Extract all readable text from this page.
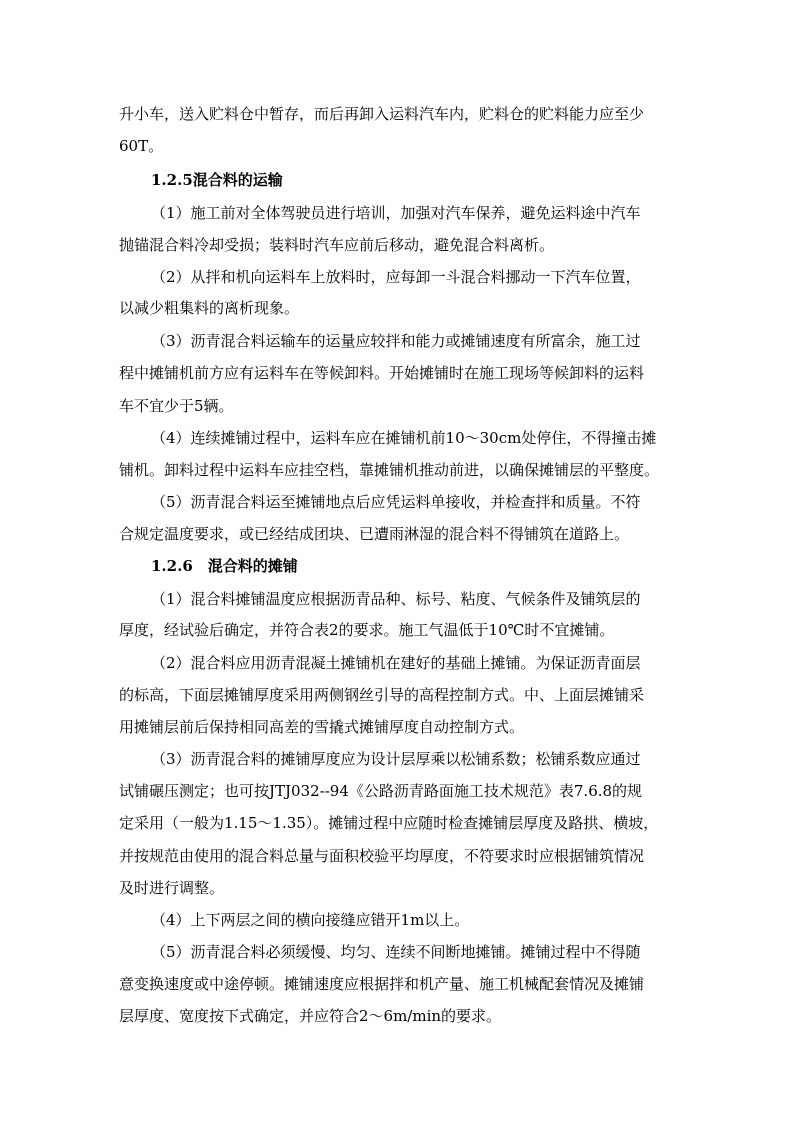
升小车，送入贮料仓中暂存，而后再卸入运料汽车内，贮料仓的贮料能力应至少
60T。
1.2.5混合料的运输
（1）施工前对全体驾驶员进行培训，加强对汽车保养，避免运料途中汽车
抛锚混合料冷却受损；装料时汽车应前后移动，避免混合料离析。
（2）从拌和机向运料车上放料时，应每卸一斗混合料挪动一下汽车位置，
以减少粗集料的离析现象。
（3）沥青混合料运输车的运量应较拌和能力或摊铺速度有所富余，施工过
程中摊铺机前方应有运料车在等候卸料。开始摊铺时在施工现场等候卸料的运料
车不宜少于5辆。
（4）连续摊铺过程中，运料车应在摊铺机前10～30cm处停住，不得撞击摊
铺机。卸料过程中运料车应挂空档，靠摊铺机推动前进，以确保摊铺层的平整度。
（5）沥青混合料运至摊铺地点后应凭运料单接收，并检查拌和质量。不符
合规定温度要求，或已经结成团块、已遭雨淋湿的混合料不得铺筑在道路上。
1.2.6　混合料的摊铺
（1）混合料摊铺温度应根据沥青品种、标号、粘度、气候条件及铺筑层的
厚度，经试验后确定，并符合表2的要求。施工气温低于10℃时不宜摊铺。
（2）混合料应用沥青混凝土摊铺机在建好的基础上摊铺。为保证沥青面层
的标高，下面层摊铺厚度采用两侧钢丝引导的高程控制方式。中、上面层摊铺采
用摊铺层前后保持相同高差的雪撬式摊铺厚度自动控制方式。
（3）沥青混合料的摊铺厚度应为设计层厚乘以松铺系数；松铺系数应通过
试铺碾压测定；也可按JTJ032--94《公路沥青路面施工技术规范》表7.6.8的规
定采用（一般为1.15～1.35）。摊铺过程中应随时检查摊铺层厚度及路拱、横坡，
并按规范由使用的混合料总量与面积校验平均厚度，不符要求时应根据铺筑情况
及时进行调整。
（4）上下两层之间的横向接缝应错开1m以上。
（5）沥青混合料必须缓慢、均匀、连续不间断地摊铺。摊铺过程中不得随
意变换速度或中途停顿。摊铺速度应根据拌和机产量、施工机械配套情况及摊铺
层厚度、宽度按下式确定，并应符合2～6m/min的要求。
